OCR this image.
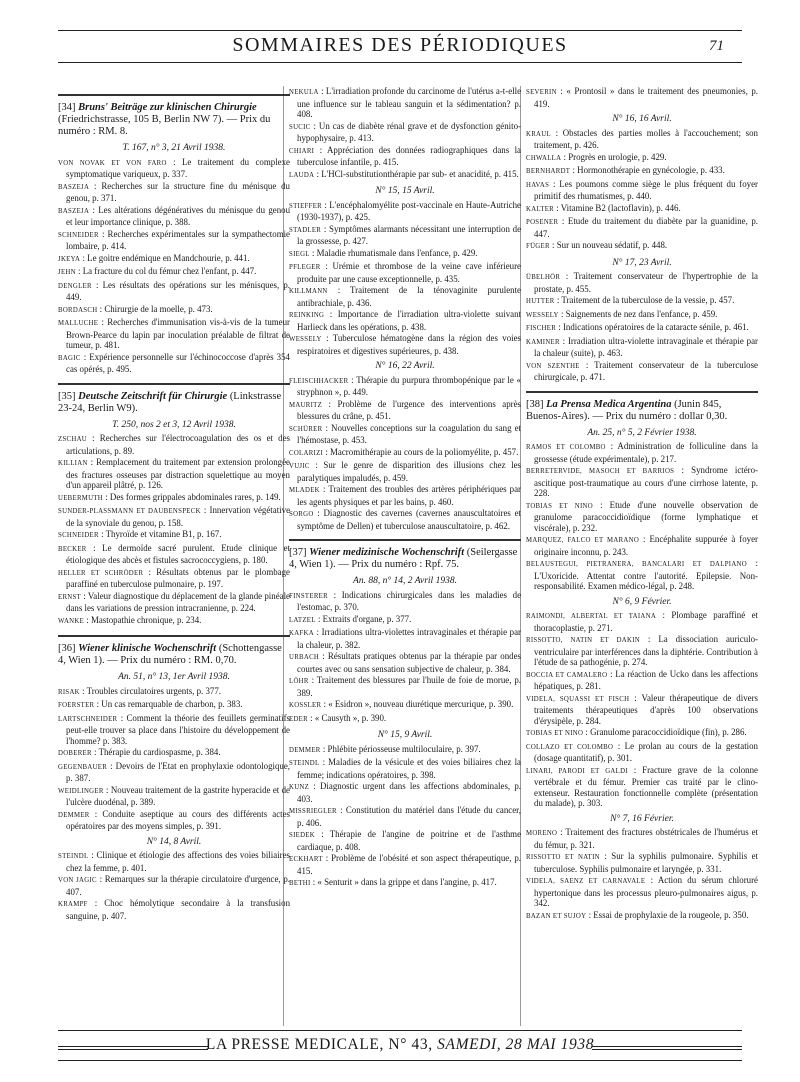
SOMMAIRES DES PÉRIODIQUES	71
[34] Bruns' Beiträge zur klinischen Chirurgie (Friedrichstrasse, 105 B, Berlin NW 7). — Prix du numéro : RM. 8.
T. 167, n° 3, 21 Avril 1938.
VON NOVAK ET VON FARO : Le traitement du complexe symptomatique variqueux, p. 337.
BASZEJA : Recherches sur la structure fine du ménisque du genou, p. 371.
BASZEJA : Les altérations dégénératives du ménisque du genou et leur importance clinique, p. 388.
SCHNEIDER : Recherches expérimentales sur la sympathectomie lombaire, p. 414.
JKEYA : Le goitre endémique en Mandchourie, p. 441.
JEHN : La fracture du col du fémur chez l'enfant, p. 447.
DENGLER : Les résultats des opérations sur les ménisques, p. 449.
BORDASCH : Chirurgie de la moelle, p. 473.
MALLUCHE : Recherches d'immunisation vis-à-vis de la tumeur Brown-Pearce du lapin par inoculation préalable de filtrat de tumeur, p. 481.
BAGIC : Expérience personnelle sur l'échinococcose d'après 354 cas opérés, p. 495.
[35] Deutsche Zeitschrift für Chirurgie (Linkstrasse 23-24, Berlin W9).
T. 250, nos 2 et 3, 12 Avril 1938.
ZSCHAU : Recherches sur l'électrocoagulation des os et des articulations, p. 89.
KILLIAN : Remplacement du traitement par extension prolongée des fractures osseuses par distraction squelettique au moyen d'un appareil plâtré, p. 126.
UEBERMUTH : Des formes grippales abdominales rares, p. 149.
SUNDER-PLASSMANN ET DAUBENSPECK : Innervation végétative de la synoviale du genou, p. 158.
SCHNEIDER : Thyroïde et vitamine B1, p. 167.
BECKER : Le dermoïde sacré purulent. Etude clinique et étiologique des abcès et fistules sacrococcygiens, p. 180.
HELLER ET SCHRÖDER : Résultats obtenus par le plombage paraffiné en tuberculose pulmonaire, p. 197.
ERNST : Valeur diagnostique du déplacement de la glande pinéale dans les variations de pression intracranienne, p. 224.
WANKE : Mastopathie chronique, p. 234.
[36] Wiener klinische Wochenschrift (Schottengasse 4, Wien 1). — Prix du numéro : RM. 0,70.
An. 51, n° 13, 1er Avril 1938.
RISAK : Troubles circulatoires urgents, p. 377.
FOERSTER : Un cas remarquable de charbon, p. 383.
LARTSCHNEIDER : Comment la théorie des feuillets germinatifs peut-elle trouver sa place dans l'histoire du développement de l'homme? p. 383.
DOBERER : Thérapie du cardiospasme, p. 384.
GEGENBAUER : Devoirs de l'Etat en prophylaxie odontologique, p. 387.
WEIDLINGER : Nouveau traitement de la gastrite hyperacide et de l'ulcère duodénal, p. 389.
DEMMER : Conduite aseptique au cours des différents actes opératoires par des moyens simples, p. 391.
N° 14, 8 Avril.
STEINDL : Clinique et étiologie des affections des voies biliaires chez la femme, p. 401.
VON JAGIC : Remarques sur la thérapie circulatoire d'urgence, p. 407.
KRAMPF : Choc hémolytique secondaire à la transfusion sanguine, p. 407.
NEKULA : L'irradiation profonde du carcinome de l'utérus a-t-elle une influence sur le tableau sanguin et la sédimentation? p. 408.
SUCIC : Un cas de diabète rénal grave et de dysfonction génito-hypophysaire, p. 413.
CHIARI : Appréciation des données radiographiques dans la tuberculose infantile, p. 415.
LAUDA : L'HCl-substitutionthérapie par sub- et anacidité, p. 415.
N° 15, 15 Avril.
STIEFFER : L'encéphalomyélite post-vaccinale en Haute-Autriche (1930-1937), p. 425.
STADLER : Symptômes alarmants nécessitant une interruption de la grossesse, p. 427.
SIEGL : Maladie rhumatismale dans l'enfance, p. 429.
PFLEGER : Urémie et thrombose de la veine cave inférieure produite par une cause exceptionnelle, p. 435.
KILLMANN : Traitement de la ténovaginite purulente antibrachiale, p. 436.
REINKING : Importance de l'irradiation ultra-violette suivant Harlieck dans les opérations, p. 438.
WESSELY : Tuberculose hématogène dans la région des voies respiratoires et digestives supérieures, p. 438.
N° 16, 22 Avril.
FLEISCHHACKER : Thérapie du purpura thrombopénique par le « stryphnon », p. 449.
MAURITZ : Problème de l'urgence des interventions après blessures du crâne, p. 451.
SCHÜRER : Nouvelles conceptions sur la coagulation du sang et l'hémostase, p. 453.
COLARIZI : Macromithérapie au cours de la poliomyélite, p. 457.
VUJIC : Sur le genre de disparition des illusions chez les paralytiques impaludés, p. 459.
MLADEK : Traitement des troubles des artères périphériques par les agents physiques et par les bains, p. 460.
SORGO : Diagnostic des cavernes (cavernes anauscultatoires et symptôme de Dellen) et tuberculose anauscultatoire, p. 462.
[37] Wiener medizinische Wochenschrift (Seilergasse 4, Wien 1). — Prix du numéro : Rpf. 75.
An. 88, n° 14, 2 Avril 1938.
FINSTERER : Indications chirurgicales dans les maladies de l'estomac, p. 370.
LATZEL : Extraits d'organe, p. 377.
KAFKA : Irradiations ultra-violettes intravaginales et thérapie par la chaleur, p. 382.
URBACH : Résultats pratiques obtenus par la thérapie par ondes courtes avec ou sans sensation subjective de chaleur, p. 384.
LÖHR : Traitement des blessures par l'huile de foie de morue, p. 389.
KOSSLER : « Esidron », nouveau diurétique mercurique, p. 390.
EDER : « Causyth », p. 390.
N° 15, 9 Avril.
DEMMER : Phlébite périosseuse multiloculaire, p. 397.
STEINDL : Maladies de la vésicule et des voies biliaires chez la femme; indications opératoires, p. 398.
KUNZ : Diagnostic urgent dans les affections abdominales, p. 403.
MISSRIEGLER : Constitution du matériel dans l'étude du cancer, p. 406.
SIEDEK : Thérapie de l'angine de poitrine et de l'asthme cardiaque, p. 408.
ECKHART : Problème de l'obésité et son aspect thérapeutique, p. 415.
BETHI : « Senturit » dans la grippe et dans l'angine, p. 417.
SEVERIN : « Prontosil » dans le traitement des pneumonies, p. 419.
N° 16, 16 Avril.
KRAUL : Obstacles des parties molles à l'accouchement; son traitement, p. 426.
CHWALLA : Progrès en urologie, p. 429.
BERNHARDT : Hormonothérapie en gynécologie, p. 433.
HAVAS : Les poumons comme siège le plus fréquent du foyer primitif des rhumatismes, p. 440.
KALTER : Vitamine B2 (lactoflavin), p. 446.
POSENER : Etude du traitement du diabète par la guanidine, p. 447.
FÜGER : Sur un nouveau sédatif, p. 448.
N° 17, 23 Avril.
ÜBELHÖR : Traitement conservateur de l'hypertrophie de la prostate, p. 455.
HUTTER : Traitement de la tuberculose de la vessie, p. 457.
WESSELY : Saignements de nez dans l'enfance, p. 459.
FISCHER : Indications opératoires de la cataracte sénile, p. 461.
KAMINER : Irradiation ultra-violette intravaginale et thérapie par la chaleur (suite), p. 463.
VON SZENTHE : Traitement conservateur de la tuberculose chirurgicale, p. 471.
[38] La Prensa Medica Argentina (Junin 845, Buenos-Aires). — Prix du numéro : dollar 0,30.
An. 25, n° 5, 2 Février 1938.
RAMOS ET COLOMBO : Administration de folliculine dans la grossesse (étude expérimentale), p. 217.
BERRETERVIDE, MASOCH ET BARRIOS : Syndrome ictéro-ascitique post-traumatique au cours d'une cirrhose latente, p. 228.
TOBIAS ET NINO : Etude d'une nouvelle observation de granulome paracoccidioïdique (forme lymphatique et viscérale), p. 232.
MARQUEZ, FALCO ET MARANO : Encéphalite suppurée à foyer originaire inconnu, p. 243.
BELAUSTEGUI, PIETRANERA, BANCALARI ET DALPIANO : L'Uxoricide. Attentat contre l'autorité. Epilepsie. Non-responsabilité. Examen médico-légal, p. 248.
N° 6, 9 Février.
RAIMONDI, ALBERTAL ET TAIANA : Plombage paraffiné et thoracoplastie, p. 271.
RISSOTTO, NATIN ET DAKIN : La dissociation auriculo-ventriculaire par interférences dans la diphtérie. Contribution à l'étude de sa pathogénie, p. 274.
BOCCIA ET CAMALERO : La réaction de Ucko dans les affections hépatiques, p. 281.
VIDELA, SQUASSI ET FISCH : Valeur thérapeutique de divers traitements thérapeutiques d'après 100 observations d'érysipèle, p. 284.
TOBIAS ET NINO : Granulome paracoccidioïdique (fin), p. 286.
COLLAZO ET COLOMBO : Le prolan au cours de la gestation (dosage quantitatif), p. 301.
LINARI, PARODI ET GALDI : Fracture grave de la colonne vertébrale et du fémur. Premier cas traité par le clino-extenseur. Restauration fonctionnelle complète (présentation du malade), p. 303.
N° 7, 16 Février.
MORENO : Traitement des fractures obstétricales de l'humérus et du fémur, p. 321.
RISSOTTO ET NATIN : Sur la syphilis pulmonaire. Syphilis et tuberculose. Syphilis pulmonaire et laryngée, p. 331.
VIDELA, SAENZ ET CARNAVALE : Action du sérum chloruré hypertonique dans les processus pleuro-pulmonaires aigus, p. 342.
BAZAN ET SUJOY : Essai de prophylaxie de la rougeole, p. 350.
LA PRESSE MEDICALE, N° 43, SAMEDI, 28 MAI 1938
